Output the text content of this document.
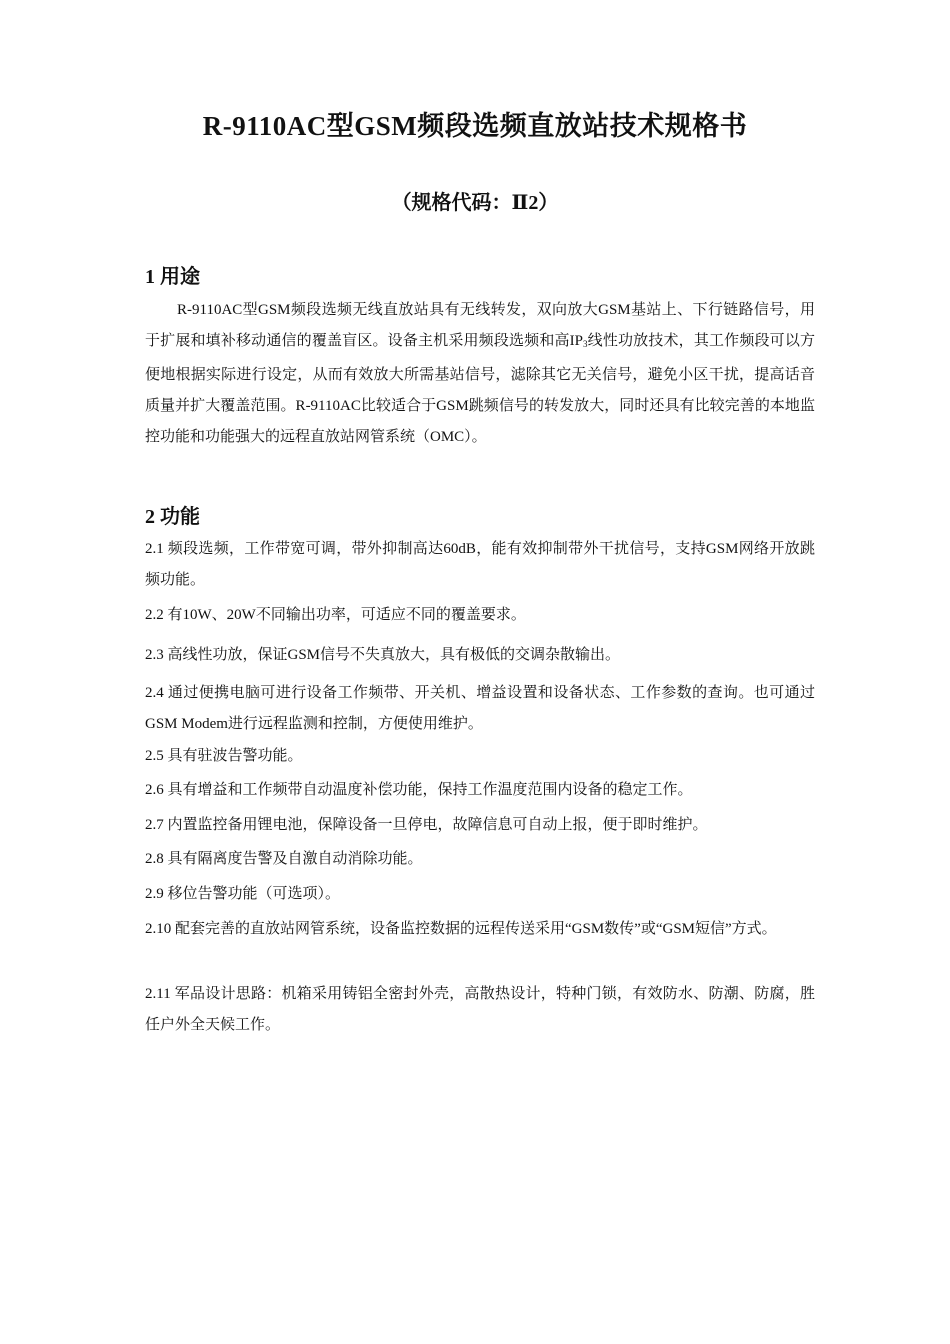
R-9110AC型GSM频段选频直放站技术规格书
（规格代码：Ⅱ2）
1 用途
R-9110AC型GSM频段选频无线直放站具有无线转发，双向放大GSM基站上、下行链路信号，用于扩展和填补移动通信的覆盖盲区。设备主机采用频段选频和高$IP_3$线性功放技术，其工作频段可以方便地根据实际进行设定，从而有效放大所需基站信号，滤除其它无关信号，避免小区干扰，提高话音质量并扩大覆盖范围。R-9110AC比较适合于GSM跳频信号的转发放大，同时还具有比较完善的本地监控功能和功能强大的远程直放站网管系统（OMC）。
2 功能
2.1 频段选频，工作带宽可调，带外抑制高达60dB，能有效抑制带外干扰信号，支持GSM网络开放跳频功能。
2.2 有10W、20W不同输出功率，可适应不同的覆盖要求。
2.3 高线性功放，保证GSM信号不失真放大，具有极低的交调杂散输出。
2.4 通过便携电脑可进行设备工作频带、开关机、增益设置和设备状态、工作参数的查询。也可通过GSM Modem进行远程监测和控制，方便使用维护。
2.5 具有驻波告警功能。
2.6 具有增益和工作频带自动温度补偿功能，保持工作温度范围内设备的稳定工作。
2.7 内置监控备用锂电池，保障设备一旦停电，故障信息可自动上报，便于即时维护。
2.8 具有隔离度告警及自激自动消除功能。
2.9 移位告警功能（可选项）。
2.10 配套完善的直放站网管系统，设备监控数据的远程传送采用“GSM数传”或“GSM短信”方式。
2.11 军品设计思路：机箱采用铸铝全密封外壳，高散热设计，特种门锁，有效防水、防潮、防腐，胜任户外全天候工作。
